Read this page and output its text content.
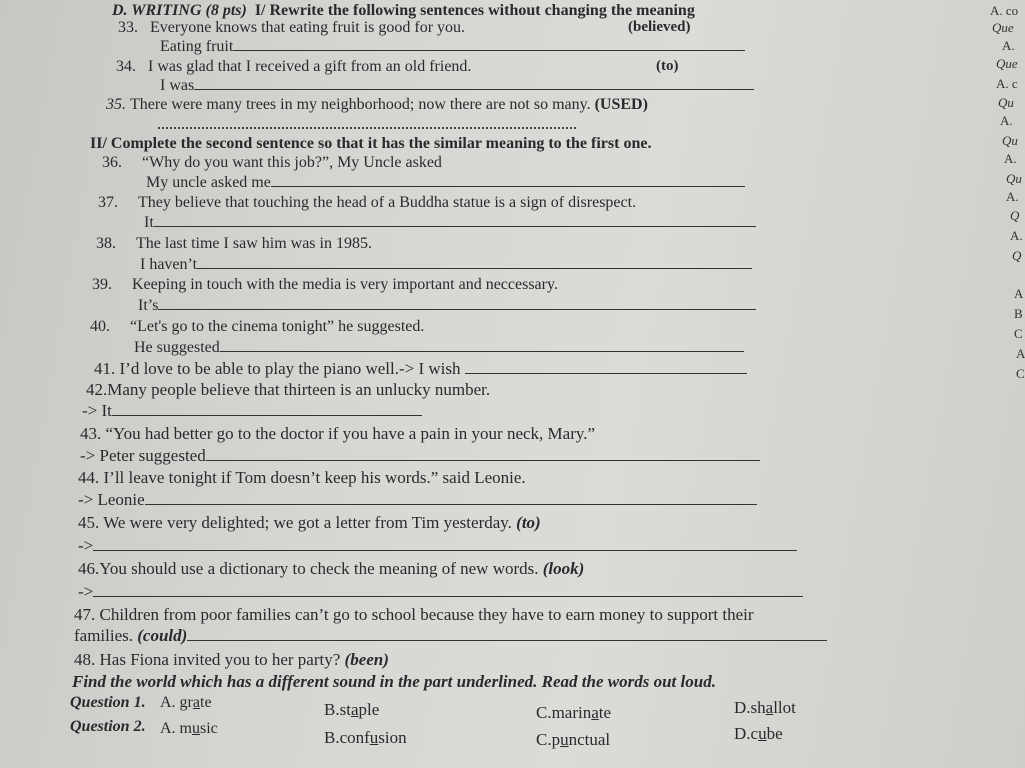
D. WRITING (8 pts) I/ Rewrite the following sentences without changing the meaning
33. Everyone knows that eating fruit is good for you.	(believed)
Eating fruit
34. I was glad that I received a gift from an old friend.	(to)
I was
35. There were many trees in my neighborhood; now there are not so many. (USED)
II/ Complete the second sentence so that it has the similar meaning to the first one.
36. “Why do you want this job?”, My Uncle asked
My uncle asked me
37. They believe that touching the head of a Buddha statue is a sign of disrespect.
It
38. The last time I saw him was in 1985.
I haven’t
39. Keeping in touch with the media is very important and neccessary.
It’s
40. “Let's go to the cinema tonight” he suggested.
He suggested
41. I’d love to be able to play the piano well.-> I wish
42.Many people believe that thirteen is an unlucky number.
-> It
43. “You had better go to the doctor if you have a pain in your neck, Mary.”
-> Peter suggested
44. I’ll leave tonight if Tom doesn’t keep his words.” said Leonie.
-> Leonie
45. We were very delighted; we got a letter from Tim yesterday. (to)
->
46.You should use a dictionary to check the meaning of new words. (look)
->
47. Children from poor families can’t go to school because they have to earn money to support their
families. (could)
48. Has Fiona invited you to her party? (been)
Find the world which has a different sound in the part underlined. Read the words out loud.
Question 1. A. grate	B.staple	C.marinate	D.shallot
Question 2. A. music	B.confusion	C.punctual	D.cube
A. co
Que
A.
Que
A. c
Qu
A.
Qu
A.
Qu
A.
Q
A.
Q
A
B
C
A
C
